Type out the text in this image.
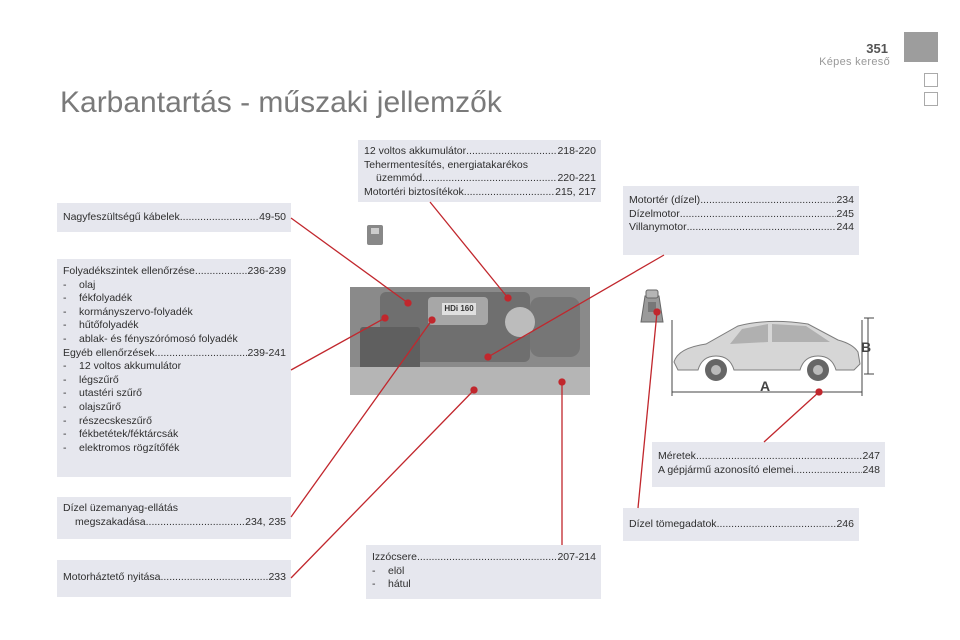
351
Képes kereső
Karbantartás - műszaki jellemzők
12 voltos akkumulátor .....	218-220
Tehermentesítés, energiatakarékos
üzemmód .....	220-221
Motortéri biztosítékok .....	215, 217
Nagyfeszültségű kábelek .....	49-50
Folyadékszintek ellenőrzése .....	236-239
-	olaj
-	fékfolyadék
-	kormányszervo-folyadék
-	hűtőfolyadék
-	ablak- és fényszórómosó folyadék
Egyéb ellenőrzések .....	239-241
-	12 voltos akkumulátor
-	légszűrő
-	utastéri szűrő
-	olajszűrő
-	részecskeszűrő
-	fékbetétek/féktárcsák
-	elektromos rögzítőfék
Dízel üzemanyag-ellátás
megszakadása .....	234, 235
Motorháztető nyitása .....	233
Izzócsere .....	207-214
-	elöl
-	hátul
Motortér (dízel) .....	234
Dízelmotor .....	245
Villanymotor .....	244
Méretek .....	247
A gépjármű azonosító elemei .....	248
Dízel tömegadatok .....	246
HDi 160
A
B
